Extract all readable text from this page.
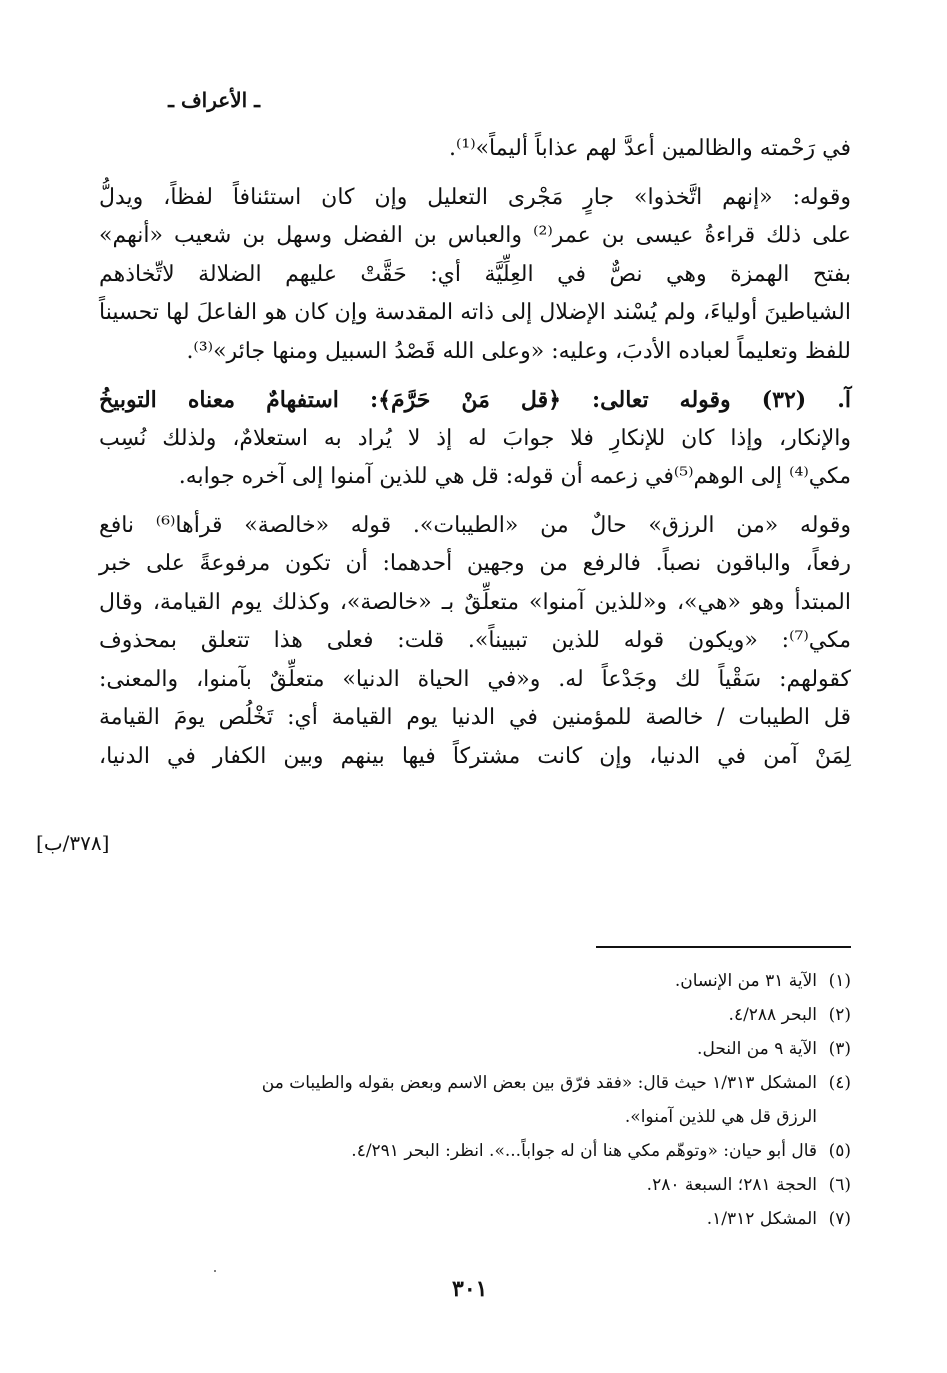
ـ الأعراف ـ

في رَحْمته والظالمين أعدَّ لهم عذاباً أليماً»⁽¹⁾.

وقوله: «إنهم اتَّخذوا» جارٍ مَجْرى التعليل وإن كان استئنافاً لفظاً، ويدلُّ
على ذلك قراءةُ عيسى بن عمر⁽²⁾ والعباس بن الفضل وسهل بن شعيب «أنهم»
بفتح الهمزة وهي نصٌّ في العِلِّيَّة أي: حَقَّتْ عليهم الضلالة لاتِّخاذهم
الشياطينَ أولياءَ، ولم يُسْند الإضلال إلى ذاته المقدسة وإن كان هو الفاعلَ لها تحسيناً
للفظ وتعليماً لعباده الأدبَ، وعليه: «وعلى الله قَصْدُ السبيل ومنها جائر»⁽³⁾.

آ. (٣٢) وقوله تعالى: ﴿قل مَنْ حَرَّمَ﴾: استفهامٌ معناه التوبيخُ
والإنكار، وإذا كان للإنكارِ فلا جوابَ له إذ لا يُراد به استعلامٌ، ولذلك نُسِب
مكي⁽⁴⁾ إلى الوهم⁽⁵⁾في زعمه أن قوله: قل هي للذين آمنوا إلى آخره جوابه.

وقوله «من الرزق» حالٌ من «الطيبات». قوله «خالصة» قرأها⁽⁶⁾ نافع
رفعاً، والباقون نصباً. فالرفع من وجهين أحدهما: أن تكون مرفوعةً على خبر
المبتدأ وهو «هي»، و«للذين آمنوا» متعلِّقٌ بـ «خالصة»، وكذلك يوم القيامة، وقال
مكي⁽⁷⁾: «ويكون قوله للذين تبييناً». قلت: فعلى هذا تتعلق بمحذوف
كقولهم: سَقْياً لك وجَدْعاً له. و«في الحياة الدنيا» متعلِّقٌ بآمنوا، والمعنى:
قل الطيبات / خالصة للمؤمنين في الدنيا يوم القيامة أي: تَخْلُص يومَ القيامة
لِمَنْ آمن في الدنيا، وإن كانت مشتركاً فيها بينهم وبين الكفار في الدنيا،

[٣٧٨/ب]
(١)الآية ٣١ من الإنسان.
(٢)البحر ٤/٢٨٨.
(٣)الآية ٩ من النحل.
(٤)المشكل ١/٣١٣ حيث قال: «فقد فرّق بين بعض الاسم وبعض بقوله والطيبات من
الرزق قل هي للذين آمنوا».
(٥)قال أبو حيان: «وتوهّم مكي هنا أن له جواباً...». انظر: البحر ٤/٢٩١.
(٦)الحجة ٢٨١؛ السبعة ٢٨٠.
(٧)المشكل ١/٣١٢.
٣٠١
